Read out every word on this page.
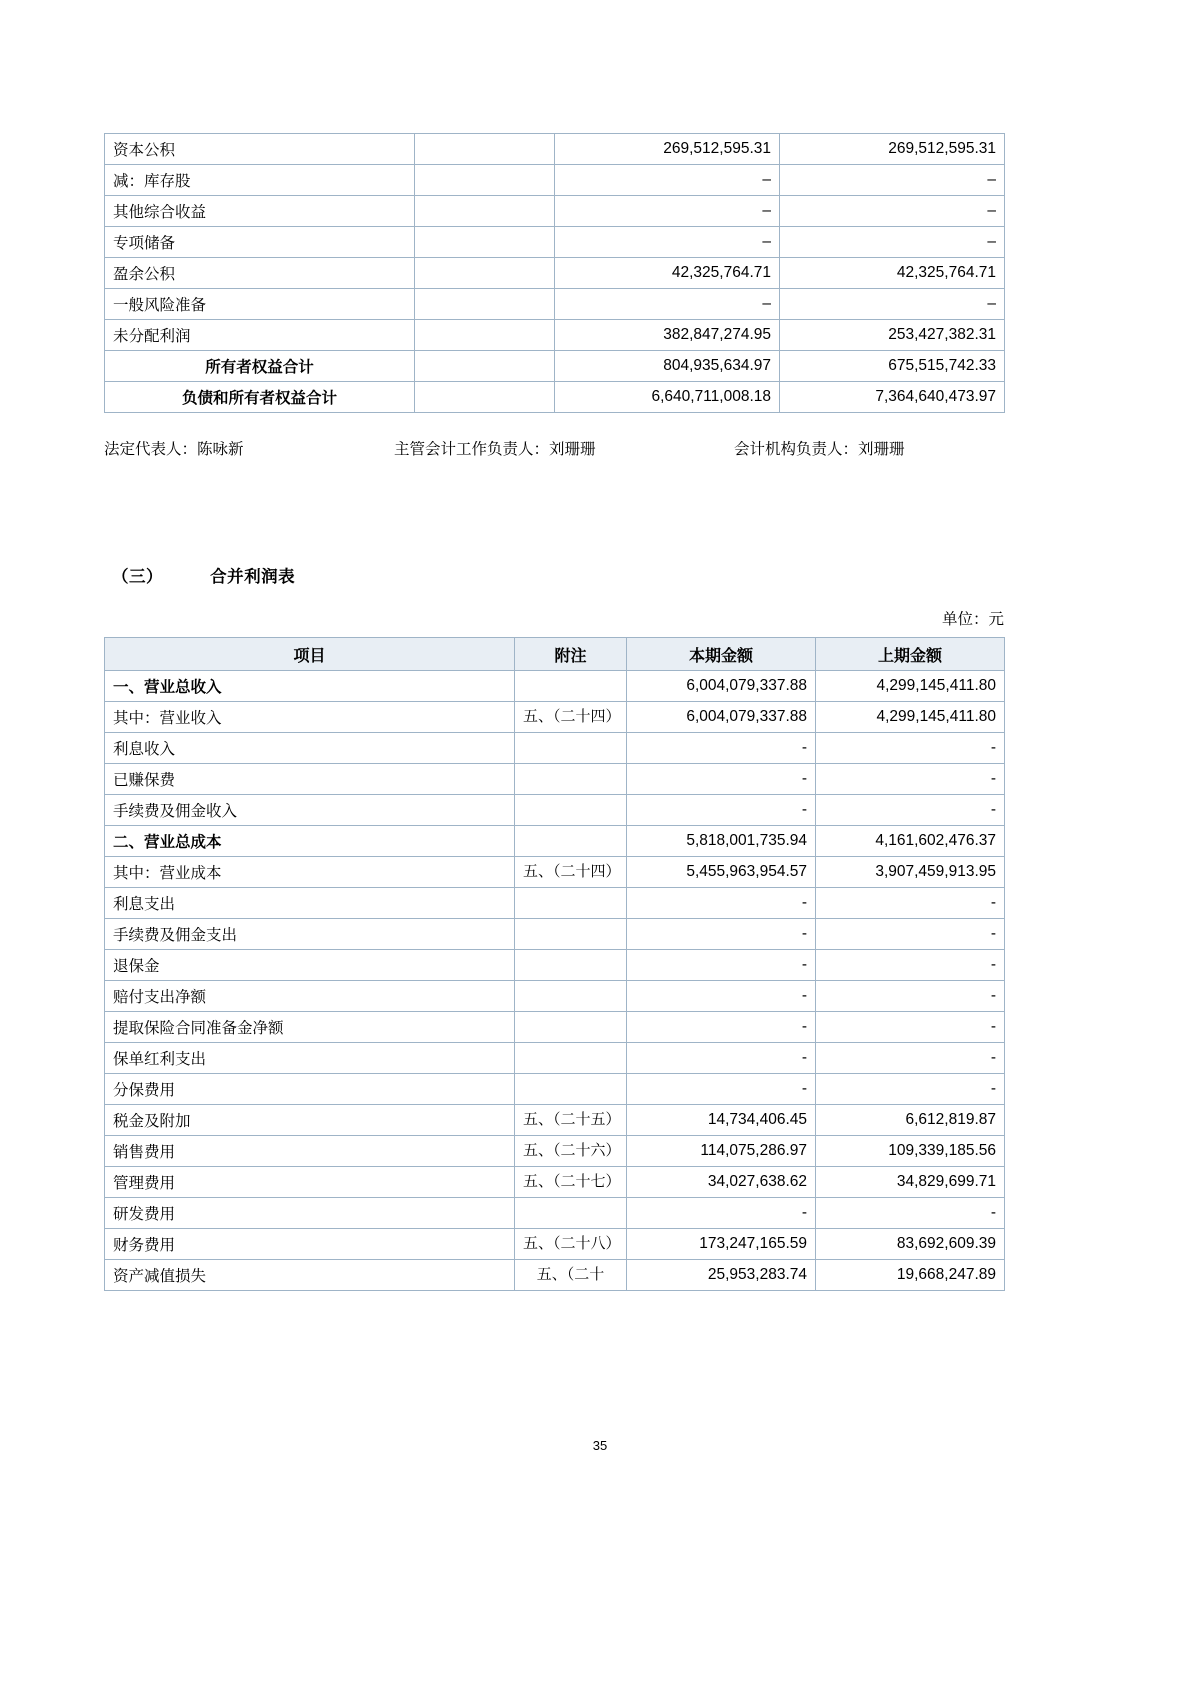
资本公积		269,512,595.31	269,512,595.31
减：库存股		–	–
其他综合收益		–	–
专项储备		–	–
盈余公积		42,325,764.71	42,325,764.71
一般风险准备		–	–
未分配利润		382,847,274.95	253,427,382.31
所有者权益合计		804,935,634.97	675,515,742.33
负债和所有者权益合计		6,640,711,008.18	7,364,640,473.97
法定代表人：陈咏新	主管会计工作负责人：刘珊珊	会计机构负责人：刘珊珊
（三）	合并利润表
单位：元
项目	附注	本期金额	上期金额
一、营业总收入		6,004,079,337.88	4,299,145,411.80
其中：营业收入	五、（二十四）	6,004,079,337.88	4,299,145,411.80
利息收入		-	-
已赚保费		-	-
手续费及佣金收入		-	-
二、营业总成本		5,818,001,735.94	4,161,602,476.37
其中：营业成本	五、（二十四）	5,455,963,954.57	3,907,459,913.95
利息支出		-	-
手续费及佣金支出		-	-
退保金		-	-
赔付支出净额		-	-
提取保险合同准备金净额		-	-
保单红利支出		-	-
分保费用		-	-
税金及附加	五、（二十五）	14,734,406.45	6,612,819.87
销售费用	五、（二十六）	114,075,286.97	109,339,185.56
管理费用	五、（二十七）	34,027,638.62	34,829,699.71
研发费用		-	-
财务费用	五、（二十八）	173,247,165.59	83,692,609.39
资产减值损失	五、（二十	25,953,283.74	19,668,247.89
35
